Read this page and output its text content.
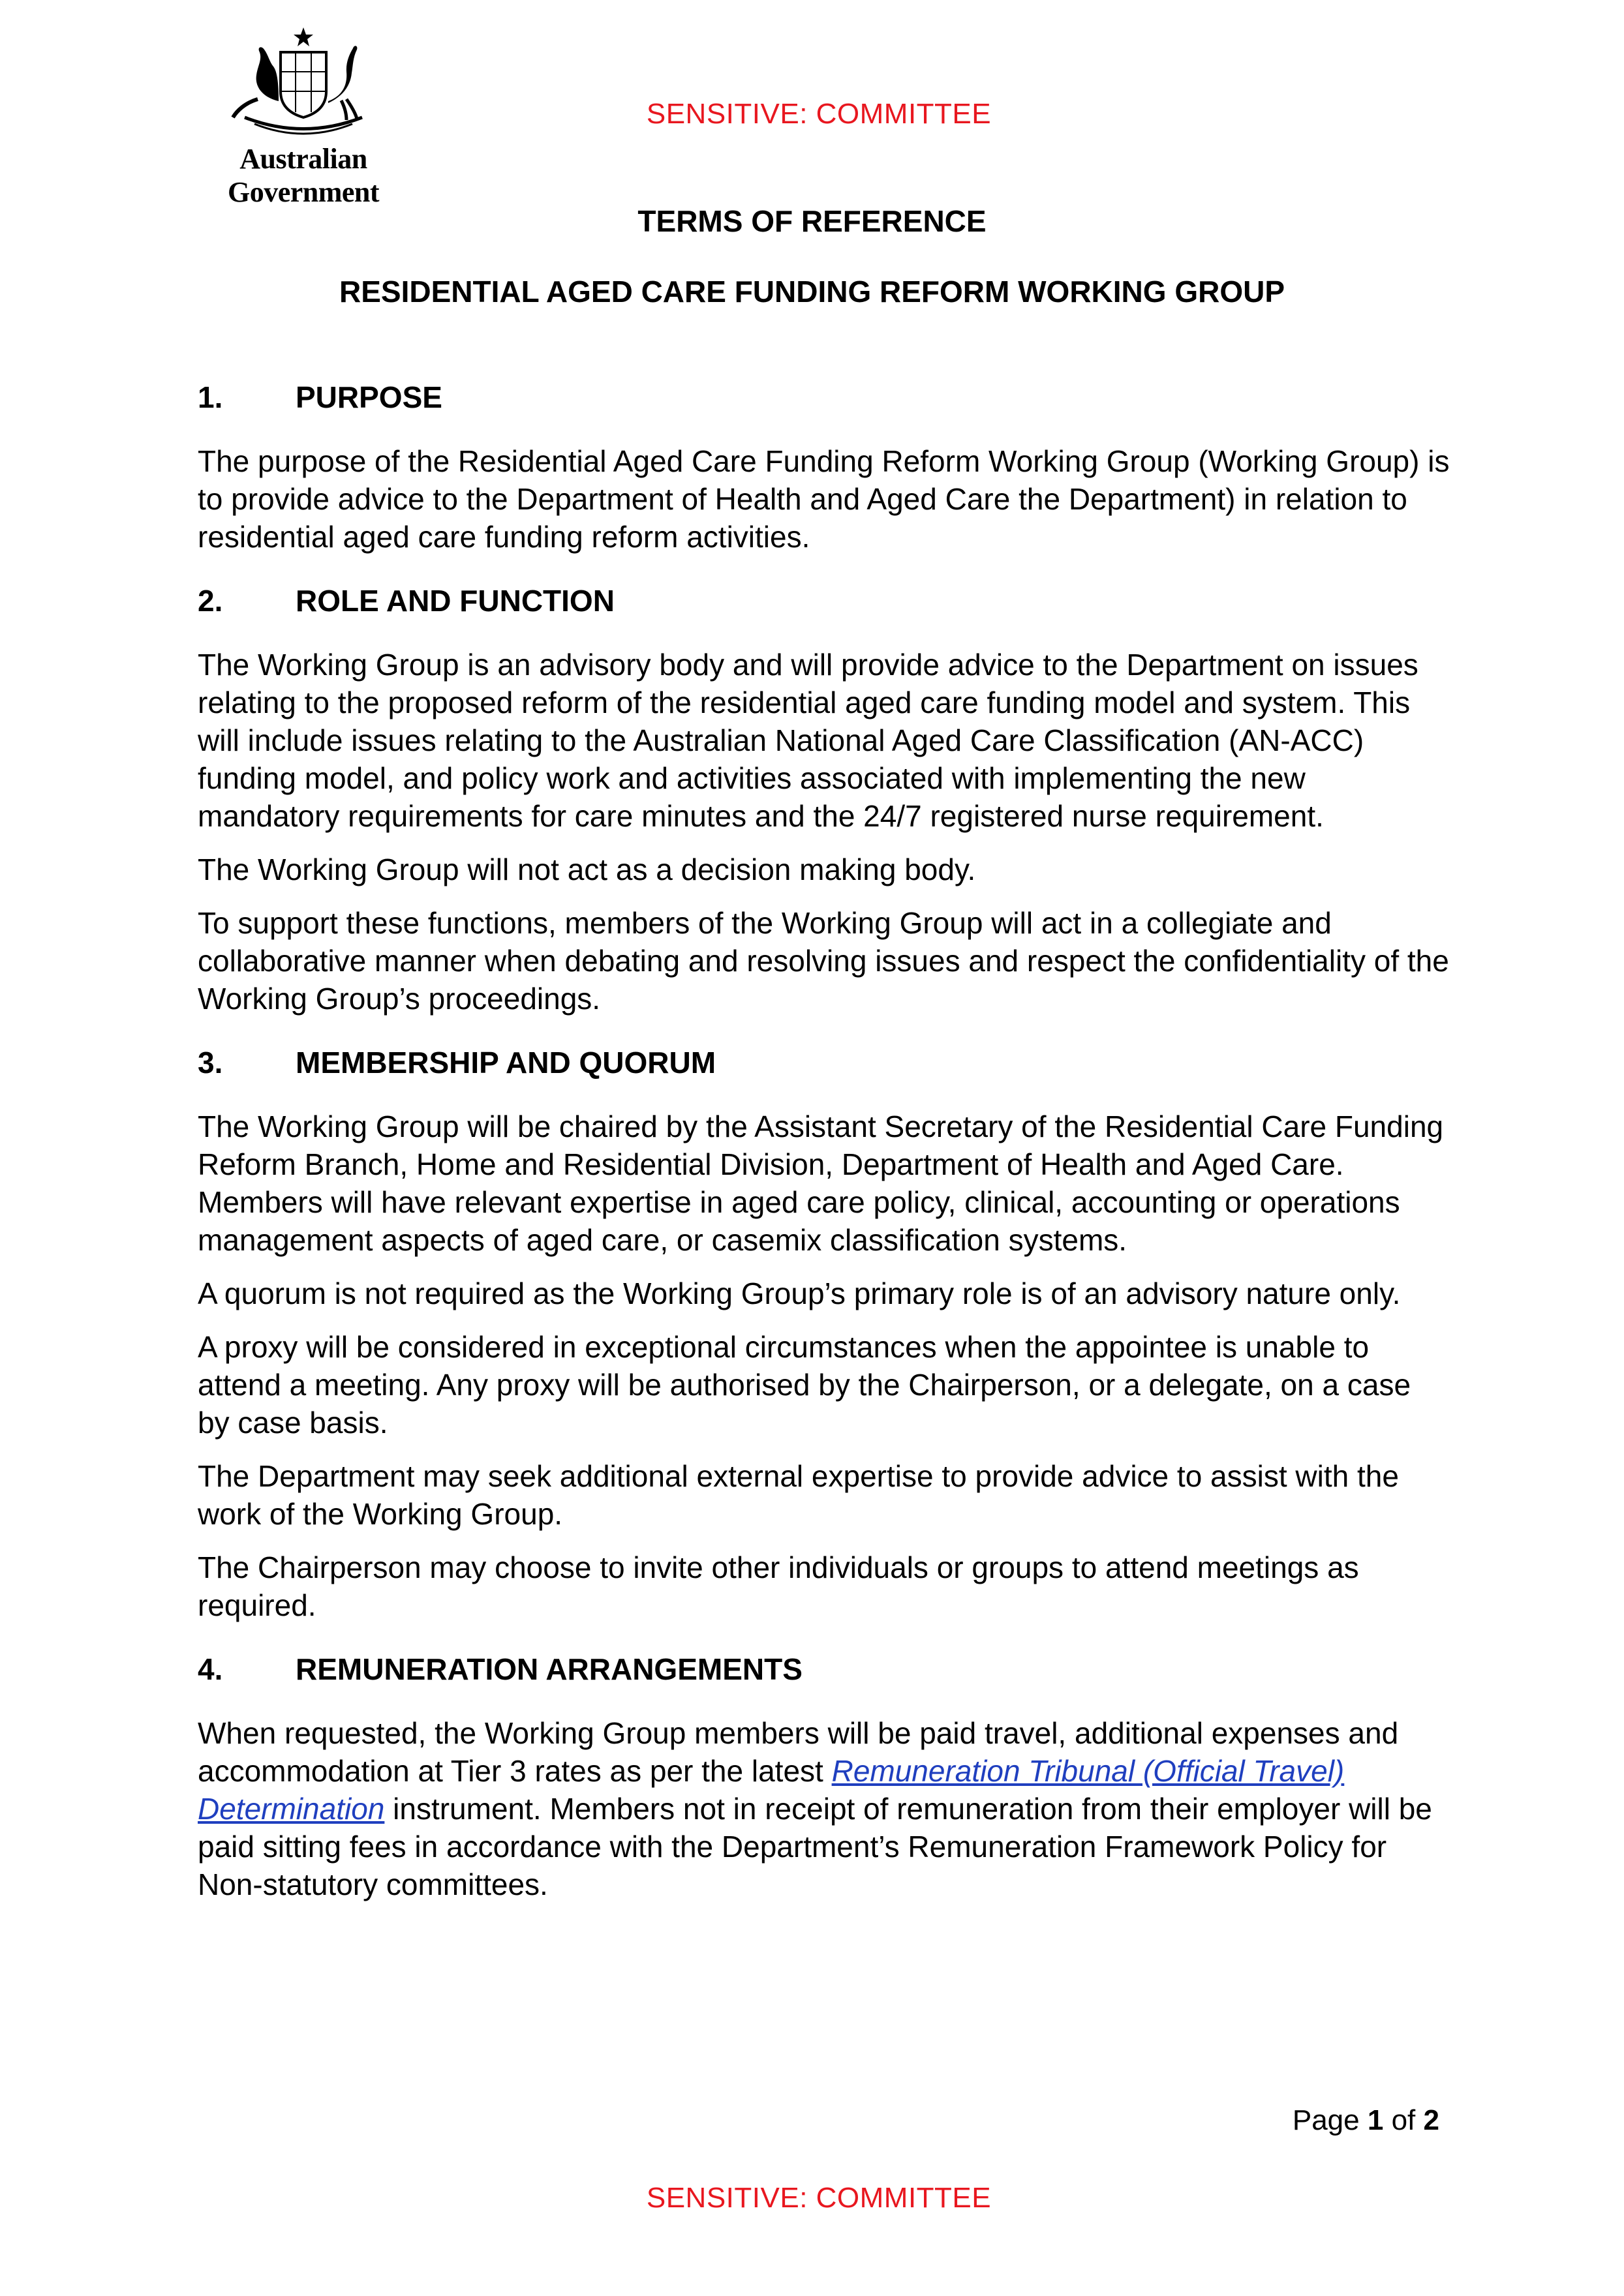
Australian Government
SENSITIVE: COMMITTEE
TERMS OF REFERENCE
RESIDENTIAL AGED CARE FUNDING REFORM WORKING GROUP
1.	PURPOSE

The purpose of the Residential Aged Care Funding Reform Working Group (Working Group) is to provide advice to the Department of Health and Aged Care the Department) in relation to residential aged care funding reform activities.

2.	ROLE AND FUNCTION

The Working Group is an advisory body and will provide advice to the Department on issues relating to the proposed reform of the residential aged care funding model and system. This will include issues relating to the Australian National Aged Care Classification (AN-ACC) funding model, and policy work and activities associated with implementing the new mandatory requirements for care minutes and the 24/7 registered nurse requirement.

The Working Group will not act as a decision making body.

To support these functions, members of the Working Group will act in a collegiate and collaborative manner when debating and resolving issues and respect the confidentiality of the Working Group’s proceedings.

3.	MEMBERSHIP AND QUORUM

The Working Group will be chaired by the Assistant Secretary of the Residential Care Funding Reform Branch, Home and Residential Division, Department of Health and Aged Care. Members will have relevant expertise in aged care policy, clinical, accounting or operations management aspects of aged care, or casemix classification systems.

A quorum is not required as the Working Group’s primary role is of an advisory nature only.

A proxy will be considered in exceptional circumstances when the appointee is unable to attend a meeting. Any proxy will be authorised by the Chairperson, or a delegate, on a case by case basis.

The Department may seek additional external expertise to provide advice to assist with the work of the Working Group.

The Chairperson may choose to invite other individuals or groups to attend meetings as required.

4.	REMUNERATION ARRANGEMENTS

When requested, the Working Group members will be paid travel, additional expenses and accommodation at Tier 3 rates as per the latest Remuneration Tribunal (Official Travel) Determination instrument. Members not in receipt of remuneration from their employer will be paid sitting fees in accordance with the Department’s Remuneration Framework Policy for Non-statutory committees.

Page 1 of 2
SENSITIVE: COMMITTEE
